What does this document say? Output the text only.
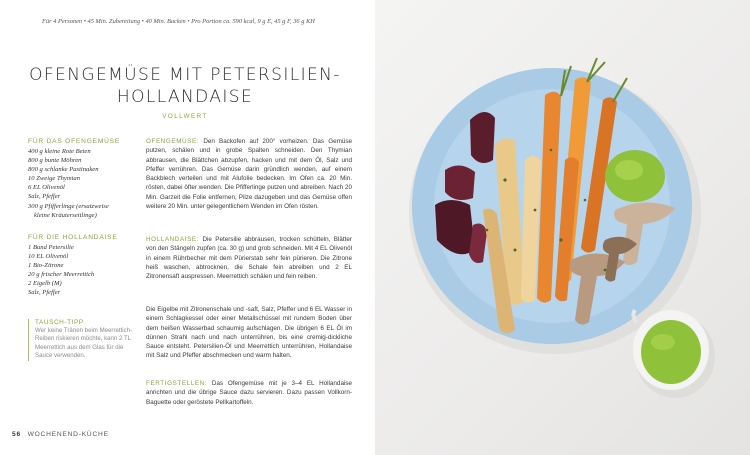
Für 4 Personen • 45 Min. Zubereitung • 40 Min. Backen • Pro Portion ca. 590 kcal, 9 g E, 45 g F, 36 g KH
OFENGEMÜSE MIT PETERSILIEN-
HOLLANDAISE
VOLLWERT
FÜR DAS OFENGEMÜSE
400 g kleine Rote Beten
800 g bunte Möhren
800 g schlanke Pastinaken
10 Zweige Thymian
6 EL Olivenöl
Salz, Pfeffer
300 g Pfifferlinge (ersatzweise
kleine Kräuterseitlinge)
FÜR DIE HOLLANDAISE
1 Bund Petersilie
10 EL Olivenöl
1 Bio-Zitrone
20 g frischer Meerrettich
2 Eigelb (M)
Salz, Pfeffer
TAUSCH-TIPP
Wer keine Tränen beim Meerrettich-Reiben riskieren möchte, kann 2 TL Meerrettich aus dem Glas für die Sauce verwenden.

OFENGEMÜSE: Den Backofen auf 200° vorheizen. Das Gemüse putzen, schälen und in grobe Spalten schneiden. Den Thymian abbrausen, die Blättchen abzupfen, hacken und mit dem Öl, Salz und Pfeffer verrühren. Das Gemüse darin gründlich wenden, auf einem Backblech verteilen und mit Alufolie bedecken. Im Ofen ca. 20 Min. rösten, dabei öfter wenden. Die Pfifferlinge putzen und abreiben. Nach 20 Min. Garzeit die Folie entfernen, Pilze dazugeben und das Gemüse offen weitere 20 Min. unter gelegentlichem Wenden im Ofen rösten.

HOLLANDAISE: Die Petersilie abbrausen, trocken schütteln, Blätter von den Stängeln zupfen (ca. 30 g) und grob schneiden. Mit 4 EL Olivenöl in einem Rührbecher mit dem Pürierstab sehr fein pürieren. Die Zitrone heiß waschen, abtrocknen, die Schale fein abreiben und 2 EL Zitronensaft auspressen. Meerrettich schälen und fein reiben.

Die Eigelbe mit Zitronenschale und -saft, Salz, Pfeffer und 6 EL Wasser in einem Schlagkessel oder einer Metallschüssel mit rundem Boden über dem heißen Wasserbad schaumig aufschlagen. Die übrigen 6 EL Öl im dünnen Strahl nach und nach unterrühren, bis eine cremig-dickliche Sauce entsteht. Petersilien-Öl und Meerrettich unterrühren, Hollandaise mit Salz und Pfeffer abschmecken und warm halten.

FERTIGSTELLEN: Das Ofengemüse mit je 3–4 EL Hollandaise anrichten und die übrige Sauce dazu servieren. Dazu passen Vollkorn-Baguette oder geröstete Pellkartoffeln.

56 WOCHENEND-KÜCHE
